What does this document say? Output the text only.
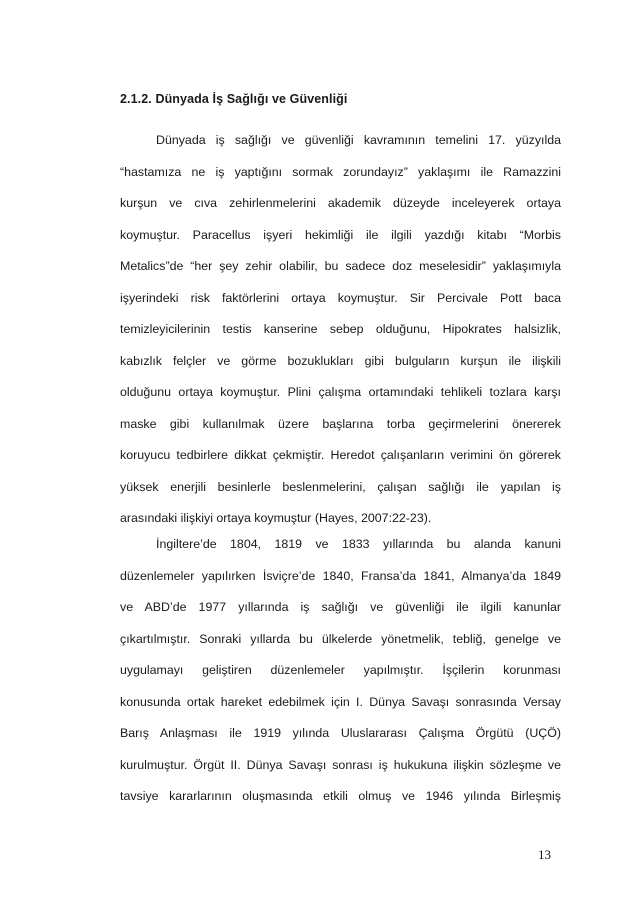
2.1.2. Dünyada İş Sağlığı ve Güvenliği
Dünyada iş sağlığı ve güvenliği kavramının temelini 17. yüzyılda
“hastamıza ne iş yaptığını sormak zorundayız” yaklaşımı ile Ramazzini
kurşun ve cıva zehirlenmelerini akademik düzeyde inceleyerek ortaya
koymuştur. Paracellus işyeri hekimliği ile ilgili yazdığı kitabı “Morbis
Metalics”de “her şey zehir olabilir, bu sadece doz meselesidir” yaklaşımıyla
işyerindeki risk faktörlerini ortaya koymuştur. Sir Percivale Pott baca
temizleyicilerinin testis kanserine sebep olduğunu, Hipokrates halsizlik,
kabızlık felçler ve görme bozuklukları gibi bulguların kurşun ile ilişkili
olduğunu ortaya koymuştur. Plini çalışma ortamındaki tehlikeli tozlara karşı
maske gibi kullanılmak üzere başlarına torba geçirmelerini önererek
koruyucu tedbirlere dikkat çekmiştir. Heredot çalışanların verimini ön görerek
yüksek enerjili besinlerle beslenmelerini, çalışan sağlığı ile yapılan iş
arasındaki ilişkiyi ortaya koymuştur (Hayes, 2007:22-23).
İngiltere’de 1804, 1819 ve 1833 yıllarında bu alanda kanuni
düzenlemeler yapılırken İsviçre’de 1840, Fransa’da 1841, Almanya’da 1849
ve ABD’de 1977 yıllarında iş sağlığı ve güvenliği ile ilgili kanunlar
çıkartılmıştır. Sonraki yıllarda bu ülkelerde yönetmelik, tebliğ, genelge ve
uygulamayı geliştiren düzenlemeler yapılmıştır. İşçilerin korunması
konusunda ortak hareket edebilmek için I. Dünya Savaşı sonrasında Versay
Barış Anlaşması ile 1919 yılında Uluslararası Çalışma Örgütü (UÇÖ)
kurulmuştur. Örgüt II. Dünya Savaşı sonrası iş hukukuna ilişkin sözleşme ve
tavsiye kararlarının oluşmasında etkili olmuş ve 1946 yılında Birleşmiş
13
